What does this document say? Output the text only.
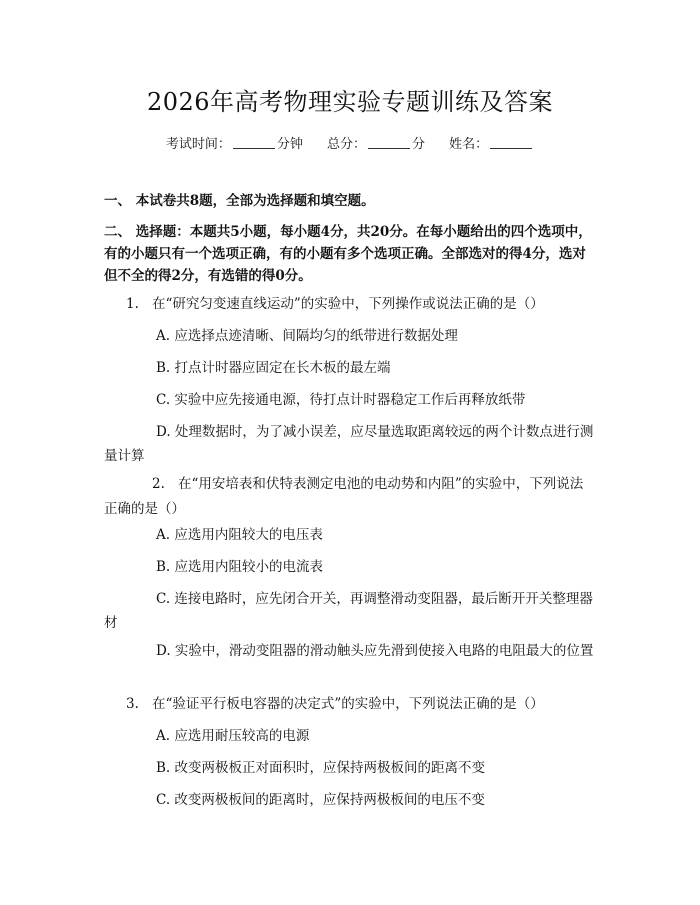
2026年高考物理实验专题训练及答案
考试时间：	分钟 总分：	分 姓名：
一、 本试卷共8题，全部为选择题和填空题。
二、 选择题：本题共5小题，每小题4分，共20分。在每小题给出的四个选项中，有的小题只有一个选项正确，有的小题有多个选项正确。全部选对的得4分，选对但不全的得2分，有选错的得0分。
1. 在“研究匀变速直线运动”的实验中，下列操作或说法正确的是（）
A. 应选择点迹清晰、间隔均匀的纸带进行数据处理
B. 打点计时器应固定在长木板的最左端
C. 实验中应先接通电源，待打点计时器稳定工作后再释放纸带
D. 处理数据时，为了减小误差，应尽量选取距离较远的两个计数点进行测量计算
2. 在“用安培表和伏特表测定电池的电动势和内阻”的实验中，下列说法正确的是（）
A. 应选用内阻较大的电压表
B. 应选用内阻较小的电流表
C. 连接电路时，应先闭合开关，再调整滑动变阻器，最后断开开关整理器材
D. 实验中，滑动变阻器的滑动触头应先滑到使接入电路的电阻最大的位置
3. 在“验证平行板电容器的决定式”的实验中，下列说法正确的是（）
A. 应选用耐压较高的电源
B. 改变两极板正对面积时，应保持两极板间的距离不变
C. 改变两极板间的距离时，应保持两极板间的电压不变
